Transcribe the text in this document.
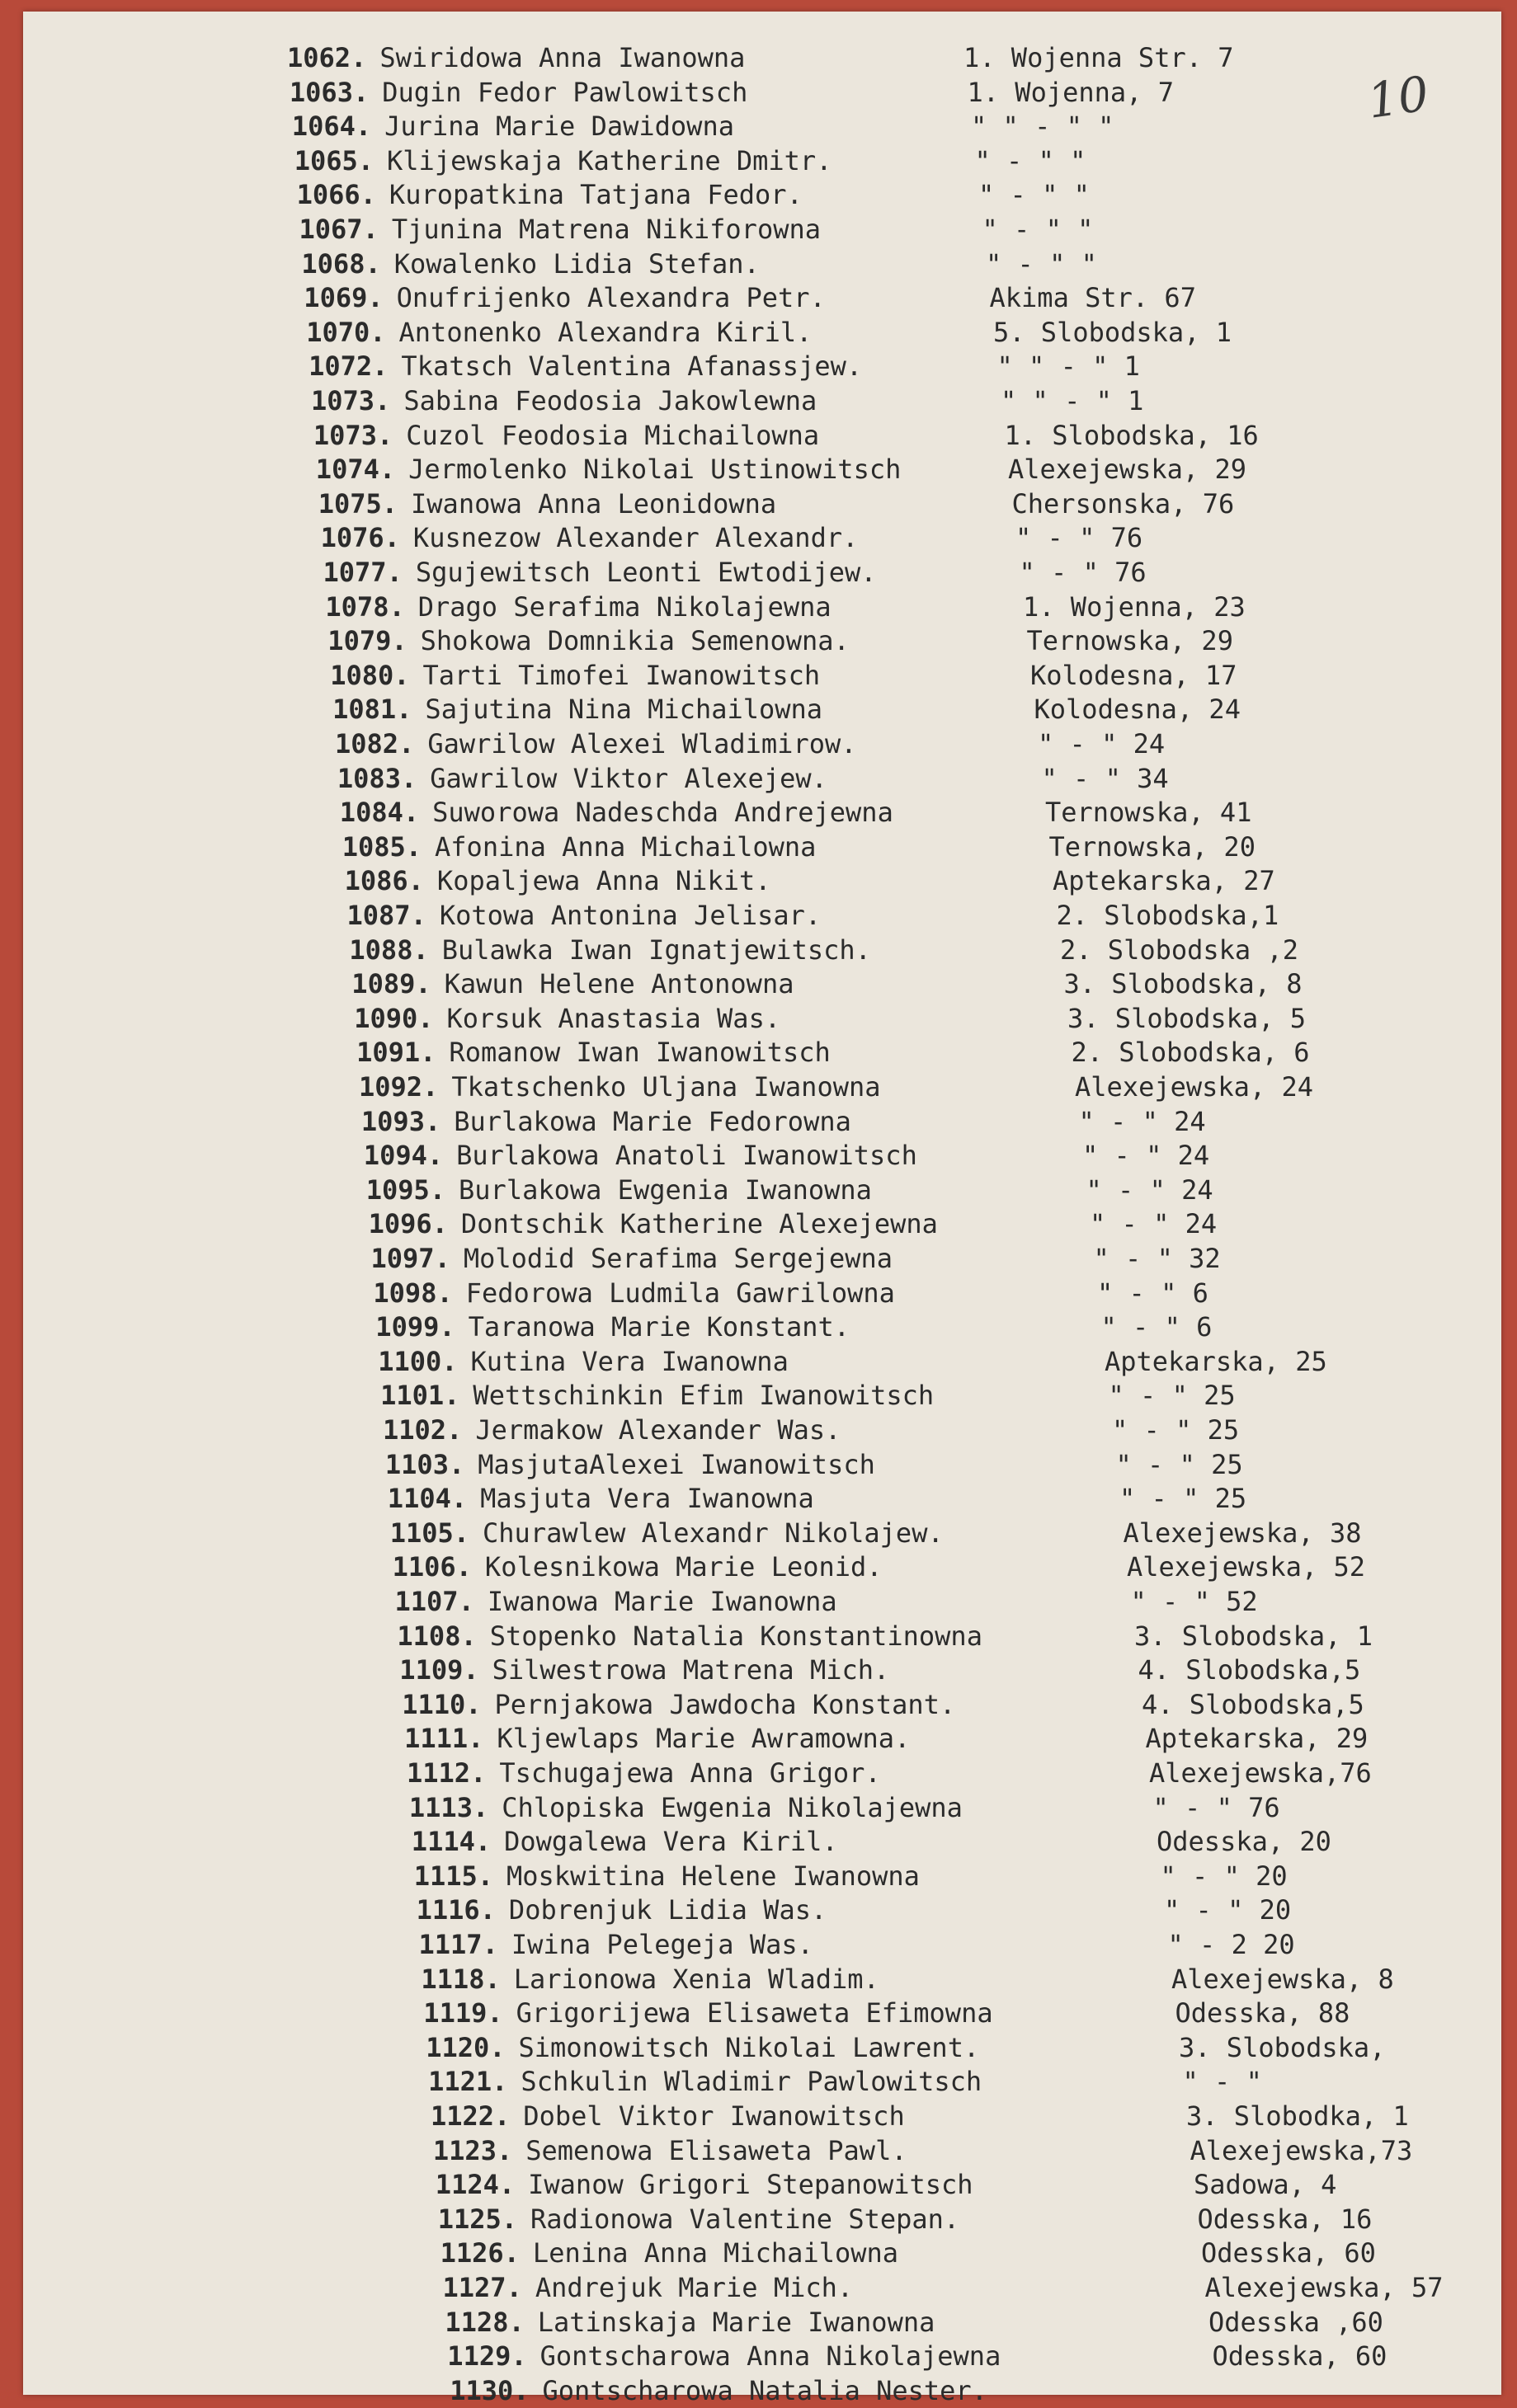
10
1062. Swiridowa Anna Iwanowna	1. Wojenna Str. 7
1063. Dugin Fedor Pawlowitsch	1. Wojenna, 7
1064. Jurina Marie Dawidowna	" " - " "
1065. Klijewskaja Katherine Dmitr.	" - " "
1066. Kuropatkina Tatjana Fedor.	" - " "
1067. Tjunina Matrena Nikiforowna	" - " "
1068. Kowalenko Lidia Stefan.	" - " "
1069. Onufrijenko Alexandra Petr.	Akima Str. 67
1070. Antonenko Alexandra Kiril.	5. Slobodska, 1
1072. Tkatsch Valentina Afanassjew.	" " - " 1
1073. Sabina Feodosia Jakowlewna	" " - " 1
1073. Cuzol Feodosia Michailowna	1. Slobodska, 16
1074. Jermolenko Nikolai Ustinowitsch	Alexejewska, 29
1075. Iwanowa Anna Leonidowna	Chersonska, 76
1076. Kusnezow Alexander Alexandr.	" - " 76
1077. Sgujewitsch Leonti Ewtodijew.	" - " 76
1078. Drago Serafima Nikolajewna	1. Wojenna, 23
1079. Shokowa Domnikia Semenowna.	Ternowska, 29
1080. Tarti Timofei Iwanowitsch	Kolodesna, 17
1081. Sajutina Nina Michailowna	Kolodesna, 24
1082. Gawrilow Alexei Wladimirow.	" - " 24
1083. Gawrilow Viktor Alexejew.	" - " 34
1084. Suworowa Nadeschda Andrejewna	Ternowska, 41
1085. Afonina Anna Michailowna	Ternowska, 20
1086. Kopaljewa Anna Nikit.	Aptekarska, 27
1087. Kotowa Antonina Jelisar.	2. Slobodska,1
1088. Bulawka Iwan Ignatjewitsch.	2. Slobodska ,2
1089. Kawun Helene Antonowna	3. Slobodska, 8
1090. Korsuk Anastasia Was.	3. Slobodska, 5
1091. Romanow Iwan Iwanowitsch	2. Slobodska, 6
1092. Tkatschenko Uljana Iwanowna	Alexejewska, 24
1093. Burlakowa Marie Fedorowna	" - " 24
1094. Burlakowa Anatoli Iwanowitsch	" - " 24
1095. Burlakowa Ewgenia Iwanowna	" - " 24
1096. Dontschik Katherine Alexejewna	" - " 24
1097. Molodid Serafima Sergejewna	" - " 32
1098. Fedorowa Ludmila Gawrilowna	" - " 6
1099. Taranowa Marie Konstant.	" - " 6
1100. Kutina Vera Iwanowna	Aptekarska, 25
1101. Wettschinkin Efim Iwanowitsch	" - " 25
1102. Jermakow Alexander Was.	" - " 25
1103. MasjutaAlexei Iwanowitsch	" - " 25
1104. Masjuta Vera Iwanowna	" - " 25
1105. Churawlew Alexandr Nikolajew.	Alexejewska, 38
1106. Kolesnikowa Marie Leonid.	Alexejewska, 52
1107. Iwanowa Marie Iwanowna	" - " 52
1108. Stopenko Natalia Konstantinowna	3. Slobodska, 1
1109. Silwestrowa Matrena Mich.	4. Slobodska,5
1110. Pernjakowa Jawdocha Konstant.	4. Slobodska,5
1111. Kljewlaps Marie Awramowna.	Aptekarska, 29
1112. Tschugajewa Anna Grigor.	Alexejewska,76
1113. Chlopiska Ewgenia Nikolajewna	" - " 76
1114. Dowgalewa Vera Kiril.	Odesska, 20
1115. Moskwitina Helene Iwanowna	" - " 20
1116. Dobrenjuk Lidia Was.	" - " 20
1117. Iwina Pelegeja Was.	" - 2 20
1118. Larionowa Xenia Wladim.	Alexejewska, 8
1119. Grigorijewa Elisaweta Efimowna	Odesska, 88
1120. Simonowitsch Nikolai Lawrent.	3. Slobodska,
1121. Schkulin Wladimir Pawlowitsch	" - "
1122. Dobel Viktor Iwanowitsch	3. Slobodka, 1
1123. Semenowa Elisaweta Pawl.	Alexejewska,73
1124. Iwanow Grigori Stepanowitsch	Sadowa, 4
1125. Radionowa Valentine Stepan.	Odesska, 16
1126. Lenina Anna Michailowna	Odesska, 60
1127. Andrejuk Marie Mich.	Alexejewska, 57
1128. Latinskaja Marie Iwanowna	Odesska ,60
1129. Gontscharowa Anna Nikolajewna	Odesska, 60
1130. Gontscharowa Natalia Nester.
